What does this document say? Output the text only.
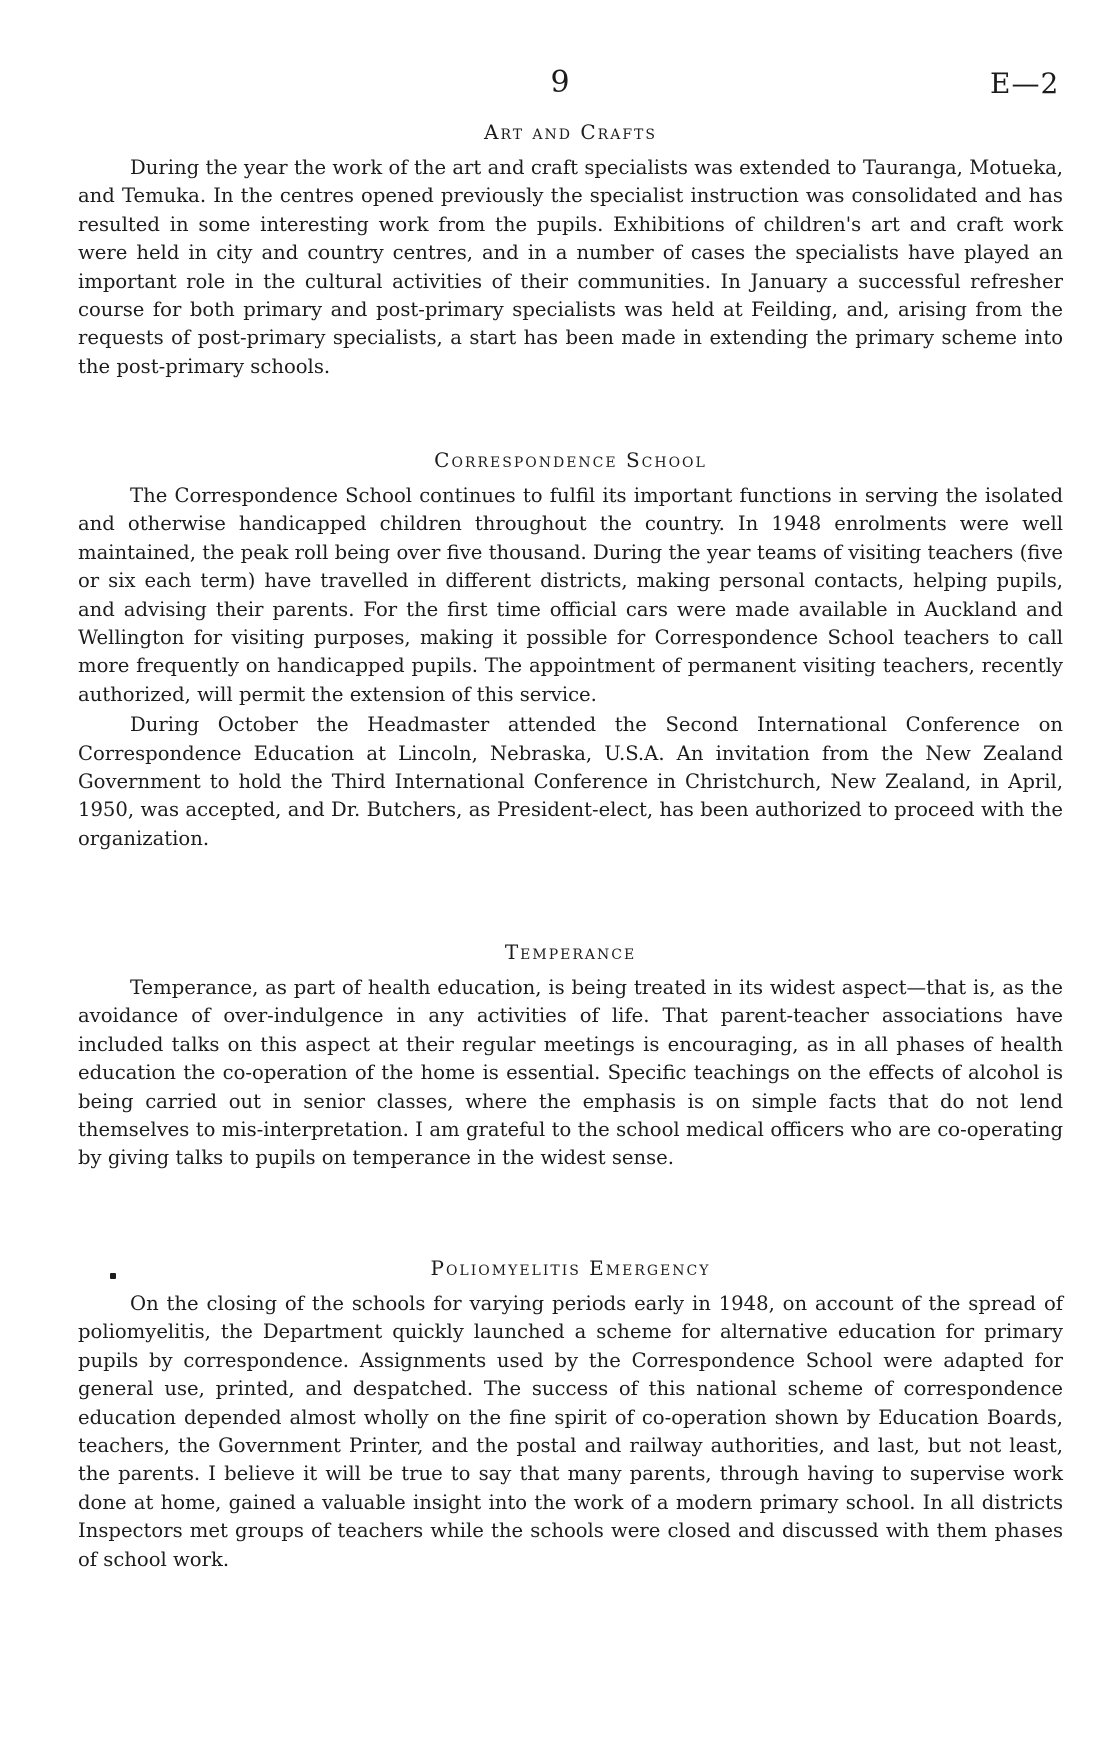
9	E—2
Art and Crafts

During the year the work of the art and craft specialists was extended to Tauranga, Motueka, and Temuka. In the centres opened previously the specialist instruction was consolidated and has resulted in some interesting work from the pupils. Exhibitions of children's art and craft work were held in city and country centres, and in a number of cases the specialists have played an important role in the cultural activities of their communities. In January a successful refresher course for both primary and post-primary specialists was held at Feilding, and, arising from the requests of post-primary specialists, a start has been made in extending the primary scheme into the post-primary schools.

Correspondence School

The Correspondence School continues to fulfil its important functions in serving the isolated and otherwise handicapped children throughout the country. In 1948 enrolments were well maintained, the peak roll being over five thousand. During the year teams of visiting teachers (five or six each term) have travelled in different districts, making personal contacts, helping pupils, and advising their parents. For the first time official cars were made available in Auckland and Wellington for visiting purposes, making it possible for Correspondence School teachers to call more frequently on handicapped pupils. The appointment of permanent visiting teachers, recently authorized, will permit the extension of this service.

During October the Headmaster attended the Second International Conference on Correspondence Education at Lincoln, Nebraska, U.S.A. An invitation from the New Zealand Government to hold the Third International Conference in Christchurch, New Zealand, in April, 1950, was accepted, and Dr. Butchers, as President-elect, has been authorized to proceed with the organization.

Temperance

Temperance, as part of health education, is being treated in its widest aspect—that is, as the avoidance of over-indulgence in any activities of life. That parent-teacher associations have included talks on this aspect at their regular meetings is encouraging, as in all phases of health education the co-operation of the home is essential. Specific teachings on the effects of alcohol is being carried out in senior classes, where the emphasis is on simple facts that do not lend themselves to mis-interpretation. I am grateful to the school medical officers who are co-operating by giving talks to pupils on temperance in the widest sense.

Poliomyelitis Emergency

On the closing of the schools for varying periods early in 1948, on account of the spread of poliomyelitis, the Department quickly launched a scheme for alternative education for primary pupils by correspondence. Assignments used by the Correspondence School were adapted for general use, printed, and despatched. The success of this national scheme of correspondence education depended almost wholly on the fine spirit of co-operation shown by Education Boards, teachers, the Government Printer, and the postal and railway authorities, and last, but not least, the parents. I believe it will be true to say that many parents, through having to supervise work done at home, gained a valuable insight into the work of a modern primary school. In all districts Inspectors met groups of teachers while the schools were closed and discussed with them phases of school work.
